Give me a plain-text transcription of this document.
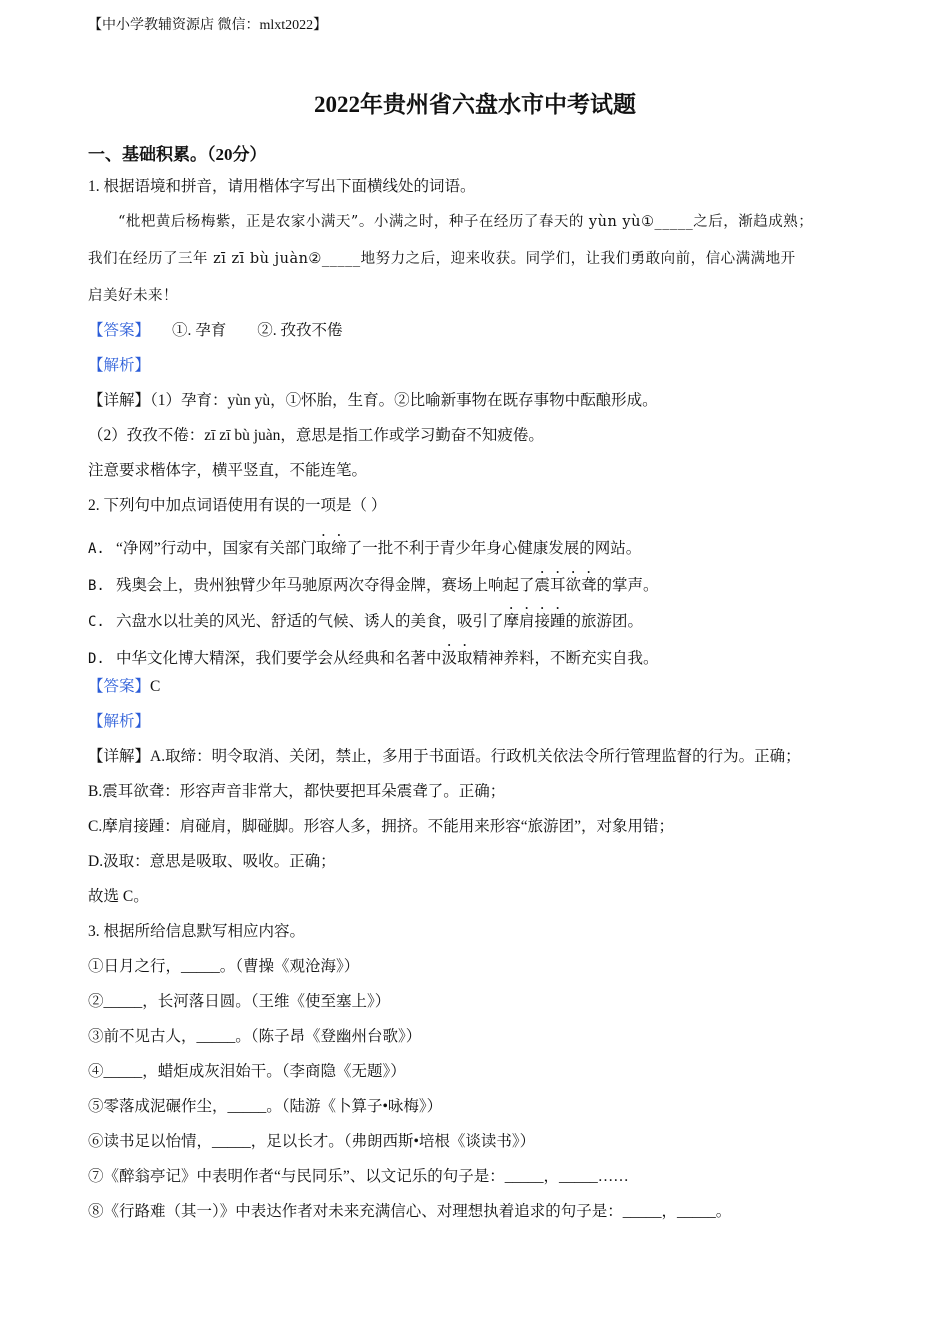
【中小学教辅资源店 微信：mlxt2022】
2022年贵州省六盘水市中考试题
一、基础积累。（20分）
1. 根据语境和拼音，请用楷体字写出下面横线处的词语。
“枇杷黄后杨梅紫，正是农家小满天”。小满之时，种子在经历了春天的 yùn yù①_____之后，渐趋成熟；
我们在经历了三年 zī zī bù juàn②_____地努力之后，迎来收获。同学们，让我们勇敢向前，信心满满地开
启美好未来！
【答案】 ①. 孕育        ②. 孜孜不倦
【解析】
【详解】（1）孕育：yùn yù，①怀胎，生育。②比喻新事物在既存事物中酝酿形成。
（2）孜孜不倦：zī zī bù juàn，意思是指工作或学习勤奋不知疲倦。
注意要求楷体字，横平竖直，不能连笔。
2. 下列句中加点词语使用有误的一项是（ ）
A. “净网”行动中，国家有关部门取缔了一批不利于青少年身心健康发展的网站。
B. 残奥会上，贵州独臂少年马驰原两次夺得金牌，赛场上响起了震耳欲聋的掌声。
C. 六盘水以壮美的风光、舒适的气候、诱人的美食，吸引了摩肩接踵的旅游团。
D. 中华文化博大精深，我们要学会从经典和名著中汲取精神养料，不断充实自我。
【答案】C
【解析】
【详解】A.取缔：明令取消、关闭，禁止，多用于书面语。行政机关依法令所行管理监督的行为。正确；
B.震耳欲聋：形容声音非常大，都快要把耳朵震聋了。正确；
C.摩肩接踵：肩碰肩，脚碰脚。形容人多，拥挤。不能用来形容“旅游团”，对象用错；
D.汲取：意思是吸取、吸收。正确；
故选 C。
3. 根据所给信息默写相应内容。
①日月之行，_____。（曹操《观沧海》）
②_____，长河落日圆。（王维《使至塞上》）
③前不见古人，_____。（陈子昂《登幽州台歌》）
④_____，蜡炬成灰泪始干。（李商隐《无题》）
⑤零落成泥碾作尘，_____。（陆游《卜算子•咏梅》）
⑥读书足以怡情，_____，足以长才。（弗朗西斯•培根《谈读书》）
⑦《醉翁亭记》中表明作者“与民同乐”、以文记乐的句子是：_____，_____……
⑧《行路难（其一）》中表达作者对未来充满信心、对理想执着追求的句子是：_____，_____。
